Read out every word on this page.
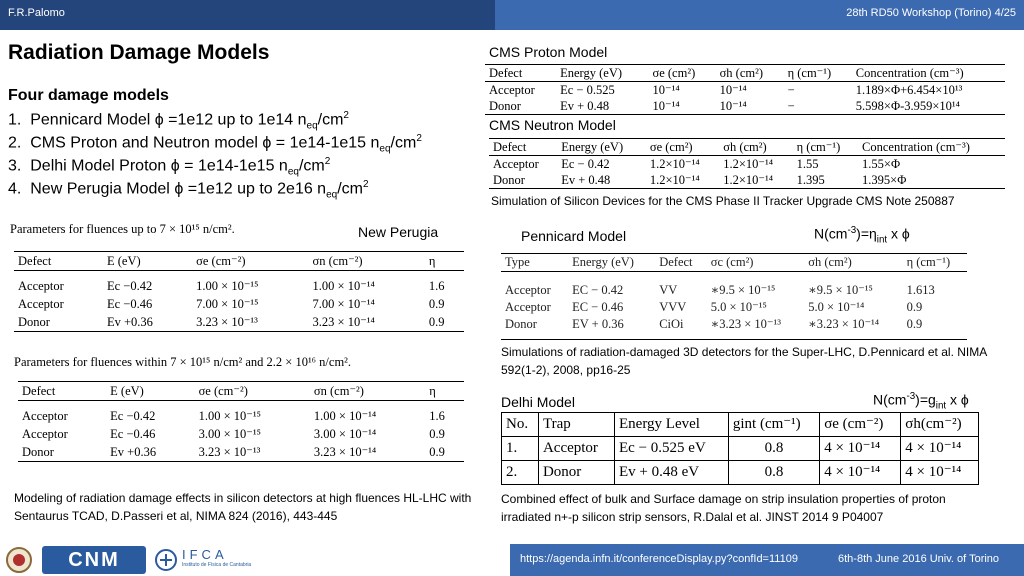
F.R.Palomo	28th RD50 Workshop (Torino) 4/25
Radiation Damage Models
Four damage models
1. Pennicard Model ϕ =1e12 up to 1e14 $n_{eq}/cm^2$
2. CMS Proton and Neutron model ϕ = 1e14-1e15 $n_{eq}/cm^2$
3. Delhi Model Proton ϕ = 1e14-1e15 $n_{eq}/cm^2$
4. New Perugia Model ϕ =1e12 up to 2e16 $n_{eq}/cm^2$
CMS Proton Model
Defect	Energy (eV)	σe (cm²)	σh (cm²)	η (cm⁻¹)	Concentration (cm⁻³)
Acceptor	Ec − 0.525	10⁻¹⁴	10⁻¹⁴	−	1.189×Φ+6.454×10¹³
Donor	Ev + 0.48	10⁻¹⁴	10⁻¹⁴	−	5.598×Φ-3.959×10¹⁴
CMS Neutron Model
Defect	Energy (eV)	σe (cm²)	σh (cm²)	η (cm⁻¹)	Concentration (cm⁻³)
Acceptor	Ec − 0.42	1.2×10⁻¹⁴	1.2×10⁻¹⁴	1.55	1.55×Φ
Donor	Ev + 0.48	1.2×10⁻¹⁴	1.2×10⁻¹⁴	1.395	1.395×Φ
Simulation of Silicon Devices for the CMS Phase II Tracker Upgrade CMS Note 250887
Parameters for fluences up to 7 × 10¹⁵ n/cm².	New Perugia
Defect	E (eV)	σe (cm⁻²)	σn (cm⁻²)	η

Acceptor	Ec −0.42	1.00 × 10⁻¹⁵	1.00 × 10⁻¹⁴	1.6
Acceptor	Ec −0.46	7.00 × 10⁻¹⁵	7.00 × 10⁻¹⁴	0.9
Donor	Ev +0.36	3.23 × 10⁻¹³	3.23 × 10⁻¹⁴	0.9
Parameters for fluences within 7 × 10¹⁵ n/cm² and 2.2 × 10¹⁶ n/cm².
Defect	E (eV)	σe (cm⁻²)	σn (cm⁻²)	η

Acceptor	Ec −0.42	1.00 × 10⁻¹⁵	1.00 × 10⁻¹⁴	1.6
Acceptor	Ec −0.46	3.00 × 10⁻¹⁵	3.00 × 10⁻¹⁴	0.9
Donor	Ev +0.36	3.23 × 10⁻¹³	3.23 × 10⁻¹⁴	0.9
Modeling of radiation damage effects in silicon detectors at high fluences HL-LHC with Sentaurus TCAD, D.Passeri et al, NIMA 824 (2016), 443-445
Pennicard Model	$N(cm^{-3})=\eta_{int}$ x ϕ
Type	Energy (eV)	Defect	σc (cm²)	σh (cm²)	η (cm⁻¹)

Acceptor	EC − 0.42	VV	∗9.5 × 10⁻¹⁵	∗9.5 × 10⁻¹⁵	1.613
Acceptor	EC − 0.46	VVV	5.0 × 10⁻¹⁵	5.0 × 10⁻¹⁴	0.9
Donor	EV + 0.36	CiOi	∗3.23 × 10⁻¹³	∗3.23 × 10⁻¹⁴	0.9

Simulations of radiation-damaged 3D detectors for the Super-LHC, D.Pennicard et al. NIMA 592(1-2), 2008, pp16-25
Delhi Model	$N(cm^{-3})=g_{int}$ x ϕ
No.	Trap	Energy Level	gint (cm⁻¹)	σe (cm⁻²)	σh(cm⁻²)
1.	Acceptor	Ec − 0.525 eV	0.8	4 × 10⁻¹⁴	4 × 10⁻¹⁴
2.	Donor	Ev + 0.48 eV	0.8	4 × 10⁻¹⁴	4 × 10⁻¹⁴
Combined effect of bulk and Surface damage on strip insulation properties of proton irradiated n+-p silicon strip sensors, R.Dalal et al. JINST 2014 9 P04007
CNM	IFCA
Instituto de Física de Cantabria	https://agenda.infn.it/conferenceDisplay.py?confId=11109	6th-8th June 2016 Univ. of Torino
